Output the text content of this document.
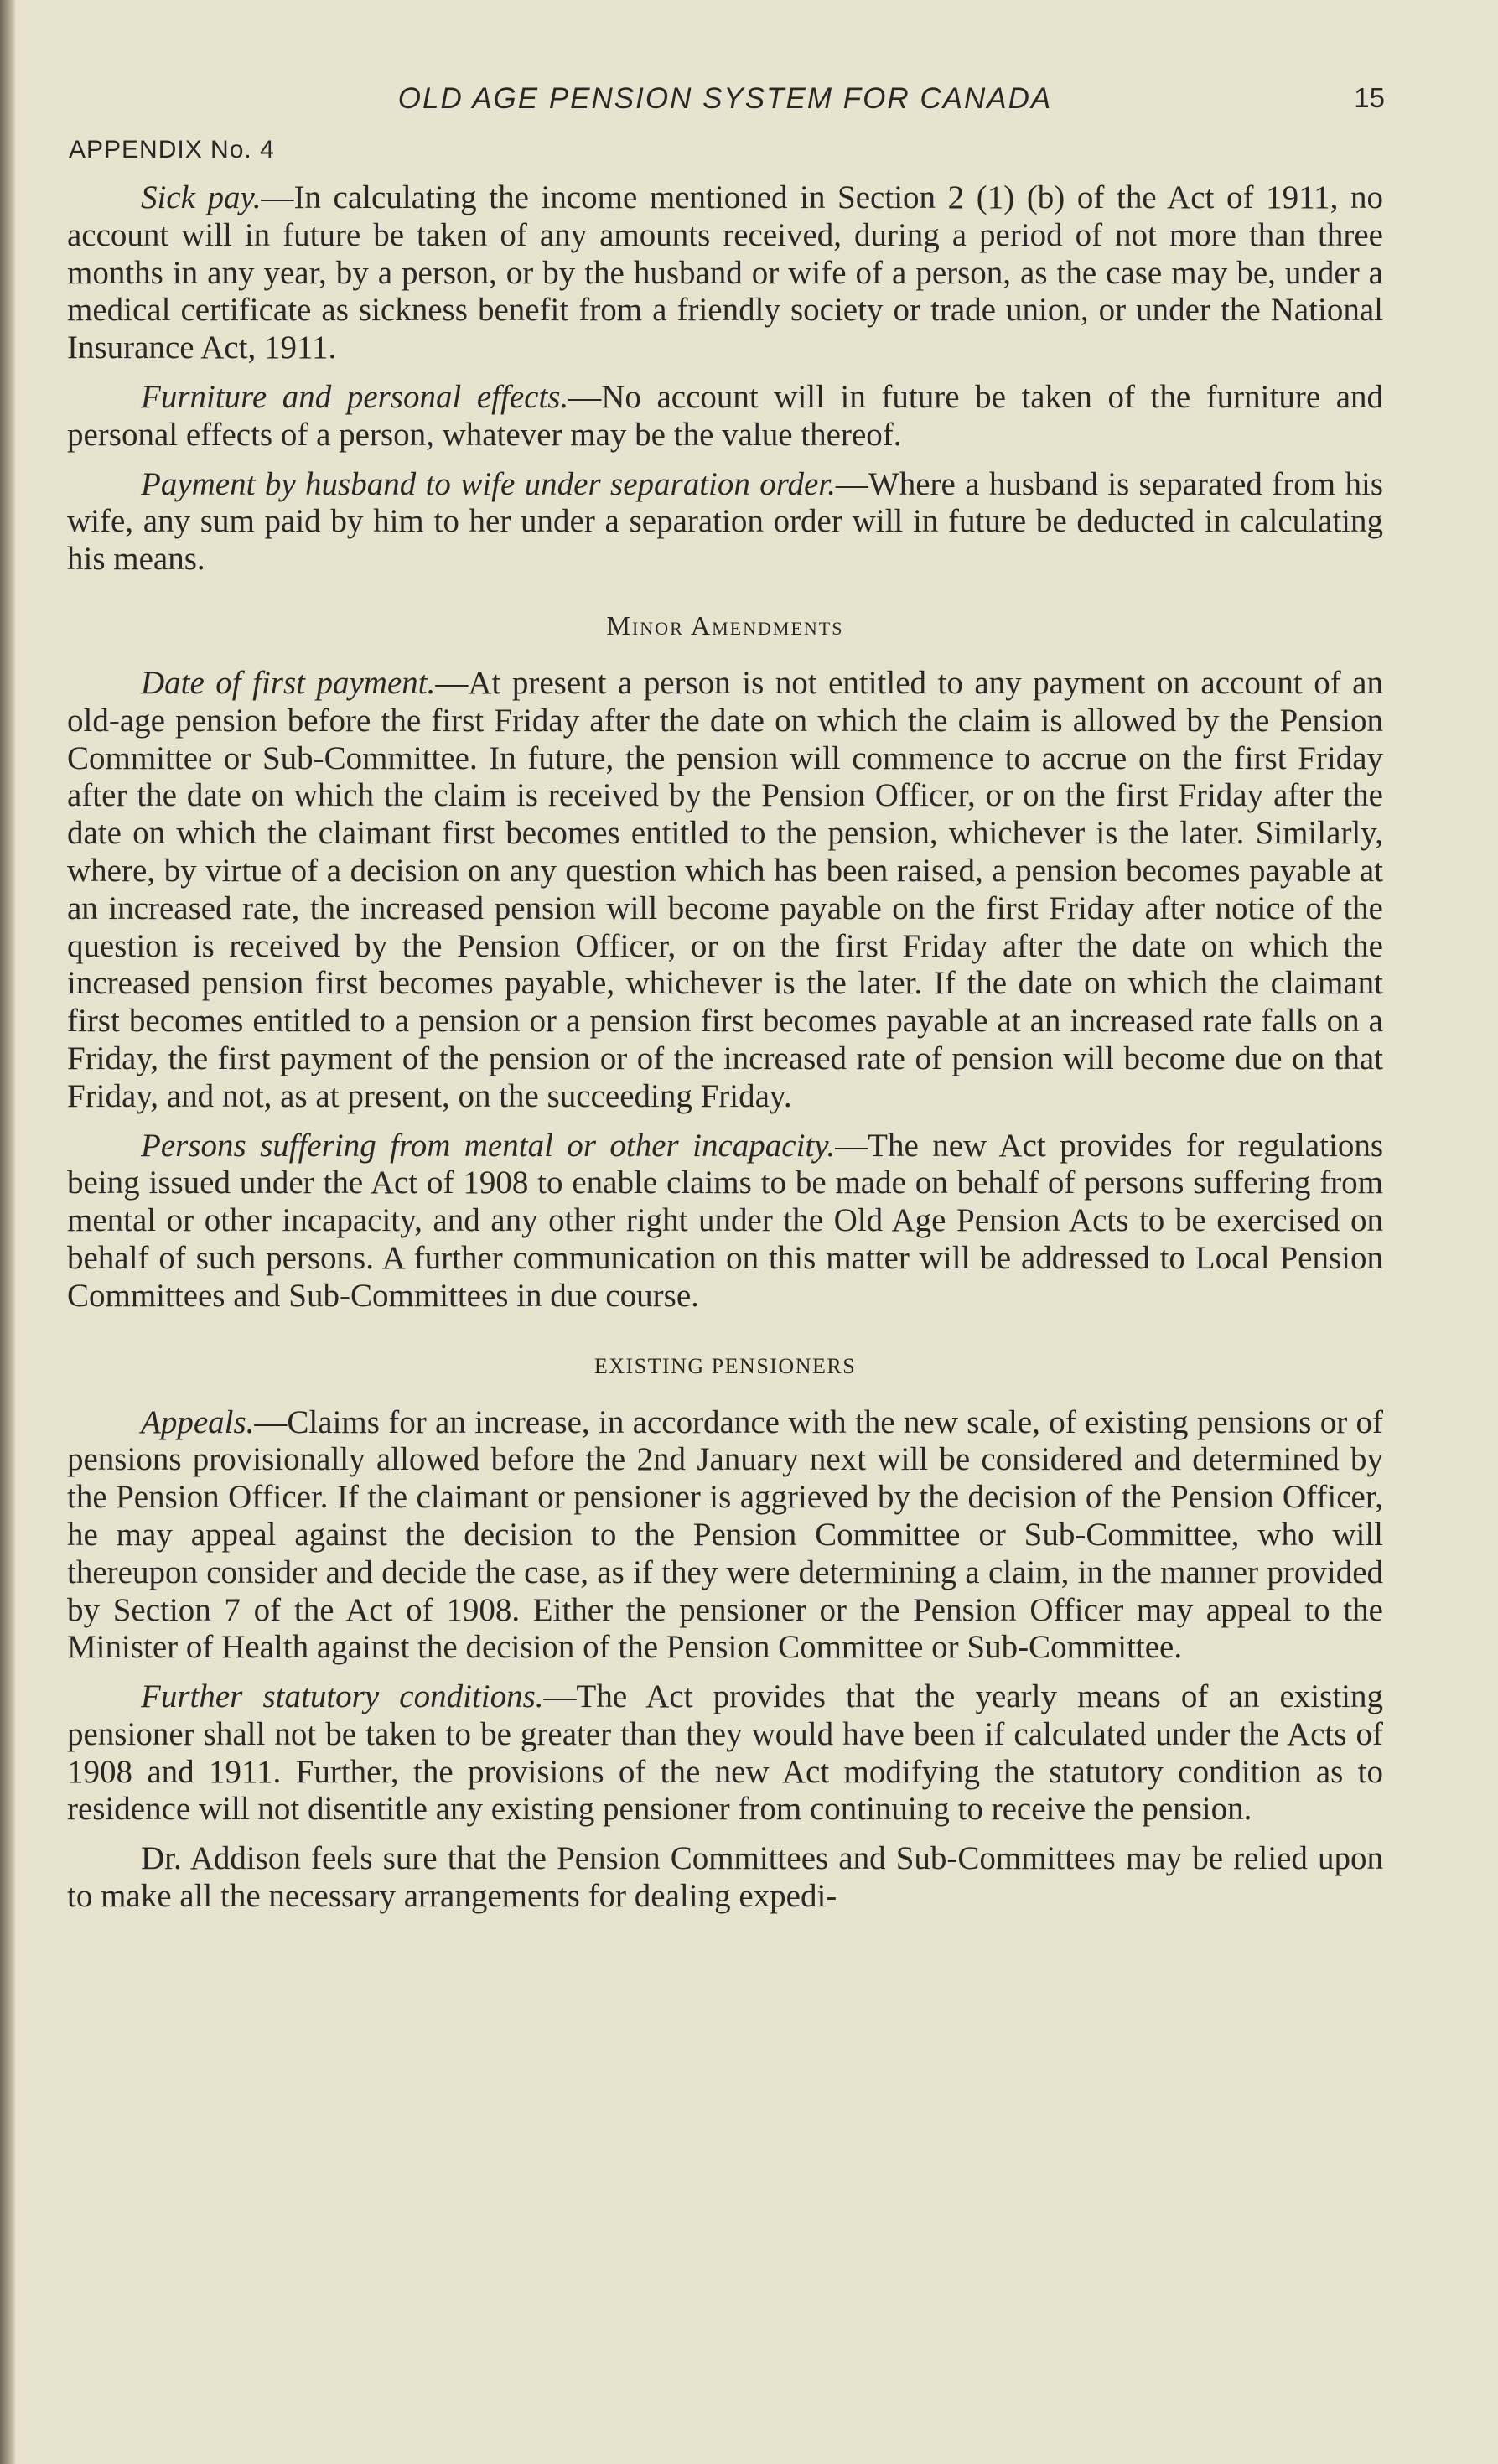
OLD AGE PENSION SYSTEM FOR CANADA	15
APPENDIX No. 4

Sick pay.—In calculating the income mentioned in Section 2 (1) (b) of the Act of 1911, no account will in future be taken of any amounts received, during a period of not more than three months in any year, by a person, or by the husband or wife of a person, as the case may be, under a medical certificate as sickness benefit from a friendly society or trade union, or under the National Insurance Act, 1911.

Furniture and personal effects.—No account will in future be taken of the furniture and personal effects of a person, whatever may be the value thereof.

Payment by husband to wife under separation order.—Where a husband is separated from his wife, any sum paid by him to her under a separation order will in future be deducted in calculating his means.

Minor Amendments

Date of first payment.—At present a person is not entitled to any payment on account of an old-age pension before the first Friday after the date on which the claim is allowed by the Pension Committee or Sub-Committee. In future, the pension will commence to accrue on the first Friday after the date on which the claim is received by the Pension Officer, or on the first Friday after the date on which the claimant first becomes entitled to the pension, whichever is the later. Similarly, where, by virtue of a decision on any question which has been raised, a pension becomes payable at an increased rate, the increased pension will become payable on the first Friday after notice of the question is received by the Pension Officer, or on the first Friday after the date on which the increased pension first becomes payable, whichever is the later. If the date on which the claimant first becomes entitled to a pension or a pension first becomes payable at an increased rate falls on a Friday, the first payment of the pension or of the increased rate of pension will become due on that Friday, and not, as at present, on the succeeding Friday.

Persons suffering from mental or other incapacity.—The new Act provides for regulations being issued under the Act of 1908 to enable claims to be made on behalf of persons suffering from mental or other incapacity, and any other right under the Old Age Pension Acts to be exercised on behalf of such persons. A further communication on this matter will be addressed to Local Pension Committees and Sub-Committees in due course.

EXISTING PENSIONERS

Appeals.—Claims for an increase, in accordance with the new scale, of existing pensions or of pensions provisionally allowed before the 2nd January next will be considered and determined by the Pension Officer. If the claimant or pensioner is aggrieved by the decision of the Pension Officer, he may appeal against the decision to the Pension Committee or Sub-Committee, who will thereupon consider and decide the case, as if they were determining a claim, in the manner provided by Section 7 of the Act of 1908. Either the pensioner or the Pension Officer may appeal to the Minister of Health against the decision of the Pension Committee or Sub-Committee.

Further statutory conditions.—The Act provides that the yearly means of an existing pensioner shall not be taken to be greater than they would have been if calculated under the Acts of 1908 and 1911. Further, the provisions of the new Act modifying the statutory condition as to residence will not disentitle any existing pensioner from continuing to receive the pension.

Dr. Addison feels sure that the Pension Committees and Sub-Committees may be relied upon to make all the necessary arrangements for dealing expedi-
